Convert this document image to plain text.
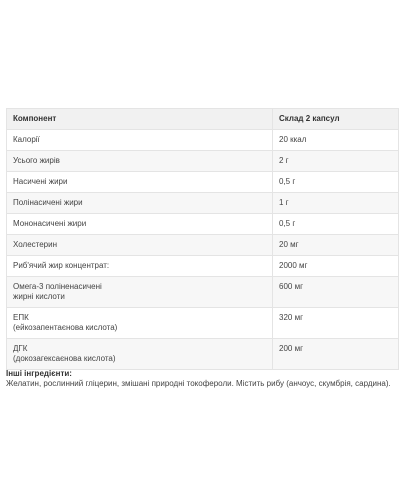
Компонент	Склад 2 капсул

Калорії	20 ккал

Усього жирів	2 г

Насичені жири	0,5 г

Полінасичені жири	1 г

Мононасичені жири	0,5 г

Холестерин	20 мг

Риб'ячий жир концентрат:	2000 мг

Омега-3 поліненасичені
жирні кислоти	600 мг

ЕПК
(ейкозапентаєнова кислота)	320 мг

ДГК
(докозагексаєнова кислота)	200 мг
Інші інгредієнти:
Желатин, рослинний гліцерин, змішані природні токофероли. Містить рибу (анчоус, скумбрія, сардина).
